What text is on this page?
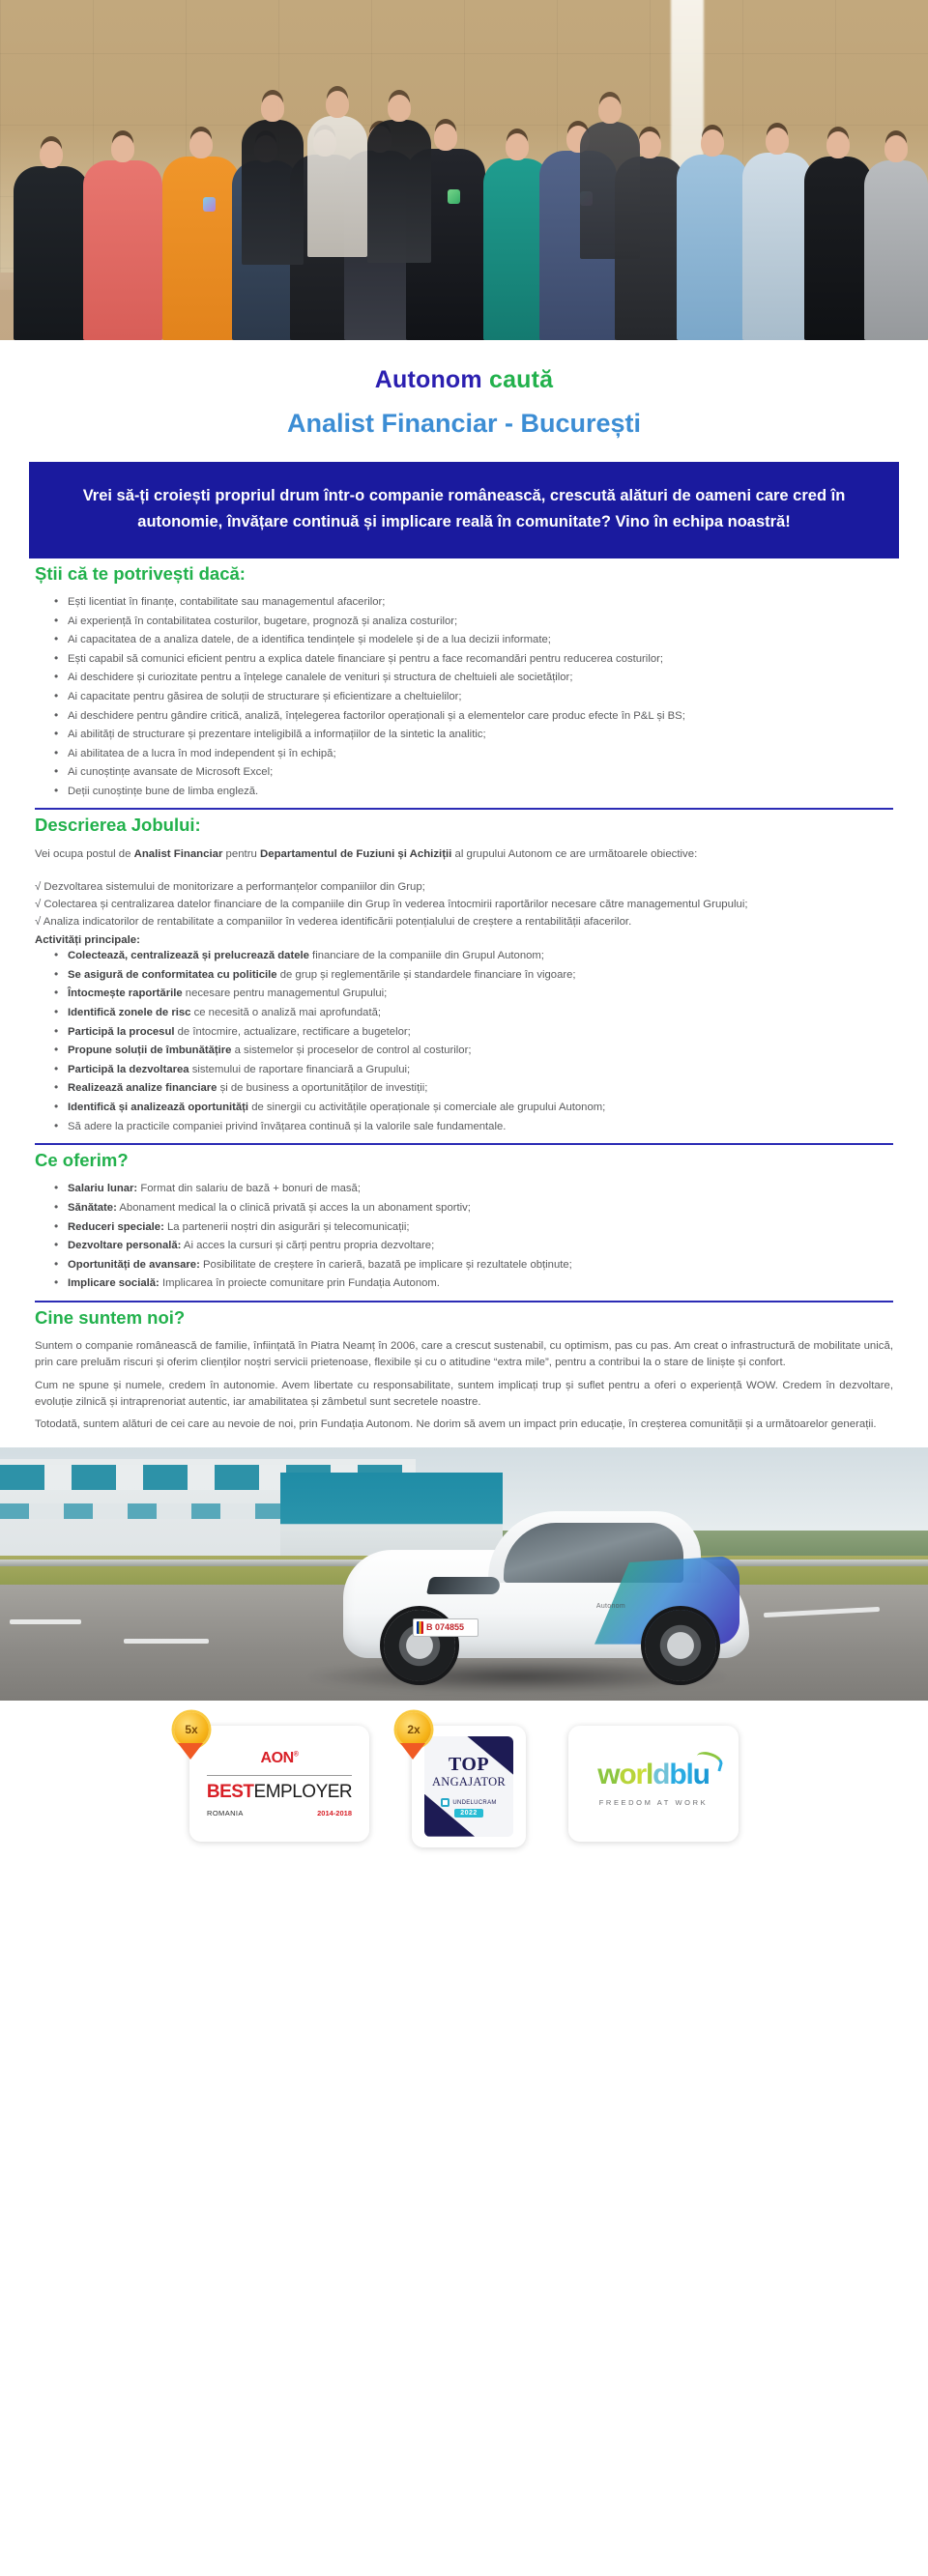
Autonom caută
Analist Financiar - București
Vrei să-ți croiești propriul drum într-o companie românească, crescută alături de oameni care cred în autonomie, învățare continuă și implicare reală în comunitate? Vino în echipa noastră!
Știi că te potrivești dacă:
• Ești licentiat în finanțe, contabilitate sau managementul afacerilor;
• Ai experiență în contabilitatea costurilor, bugetare, prognoză și analiza costurilor;
• Ai capacitatea de a analiza datele, de a identifica tendințele și modelele și de a lua decizii informate;
• Ești capabil să comunici eficient pentru a explica datele financiare și pentru a face recomandări pentru reducerea costurilor;
• Ai deschidere și curiozitate pentru a înțelege canalele de venituri și structura de cheltuieli ale societăților;
• Ai capacitate pentru găsirea de soluții de structurare și eficientizare a cheltuielilor;
• Ai deschidere pentru gândire critică, analiză, înțelegerea factorilor operaționali și a elementelor care produc efecte în P&L și BS;
• Ai abilități de structurare și prezentare inteligibilă a informațiilor de la sintetic la analitic;
• Ai abilitatea de a lucra în mod independent și în echipă;
• Ai cunoștințe avansate de Microsoft Excel;
• Deții cunoștințe bune de limba engleză.
Descrierea Jobului:

Vei ocupa postul de Analist Financiar pentru Departamentul de Fuziuni și Achiziții al grupului Autonom ce are următoarele obiective:

√ Dezvoltarea sistemului de monitorizare a performanțelor companiilor din Grup;
√ Colectarea și centralizarea datelor financiare de la companiile din Grup în vederea întocmirii raportărilor necesare către managementul Grupului;
√ Analiza indicatorilor de rentabilitate a companiilor în vederea identificării potențialului de creștere a rentabilității afacerilor.
Activități principale:
• Colectează, centralizează și prelucrează datele financiare de la companiile din Grupul Autonom;
• Se asigură de conformitatea cu politicile de grup și reglementările și standardele financiare în vigoare;
• Întocmește raportările necesare pentru managementul Grupului;
• Identifică zonele de risc ce necesită o analiză mai aprofundată;
• Participă la procesul de întocmire, actualizare, rectificare a bugetelor;
• Propune soluții de îmbunătățire a sistemelor și proceselor de control al costurilor;
• Participă la dezvoltarea sistemului de raportare financiară a Grupului;
• Realizează analize financiare și de business a oportunităților de investiții;
• Identifică și analizează oportunități de sinergii cu activitățile operaționale și comerciale ale grupului Autonom;
• Să adere la practicile companiei privind învățarea continuă și la valorile sale fundamentale.
Ce oferim?
• Salariu lunar: Format din salariu de bază + bonuri de masă;
• Sănătate: Abonament medical la o clinică privată și acces la un abonament sportiv;
• Reduceri speciale: La partenerii noștri din asigurări și telecomunicații;
• Dezvoltare personală: Ai acces la cursuri și cărți pentru propria dezvoltare;
• Oportunități de avansare: Posibilitate de creștere în carieră, bazată pe implicare și rezultatele obținute;
• Implicare socială: Implicarea în proiecte comunitare prin Fundația Autonom.
Cine suntem noi?

Suntem o companie românească de familie, înființată în Piatra Neamț în 2006, care a crescut sustenabil, cu optimism, pas cu pas. Am creat o infrastructură de mobilitate unică, prin care preluăm riscuri și oferim clienților noștri servicii prietenoase, flexibile și cu o atitudine “extra mile”, pentru a contribui la o stare de liniște și confort.

Cum ne spune și numele, credem în autonomie. Avem libertate cu responsabilitate, suntem implicați trup și suflet pentru a oferi o experiență WOW. Credem în dezvoltare, evoluție zilnică și intraprenoriat autentic, iar amabilitatea și zâmbetul sunt secretele noastre.

Totodată, suntem alături de cei care au nevoie de noi, prin Fundația Autonom. Ne dorim să avem un impact prin educație, în creșterea comunității și a următoarelor generații.

Autonom
B 074855
5x
AON®
BESTEMPLOYER
ROMANIA	2014-2018
2x
TOP
ANGAJATOR
UNDELUCRAM
2022
worldblu
FREEDOM AT WORK
